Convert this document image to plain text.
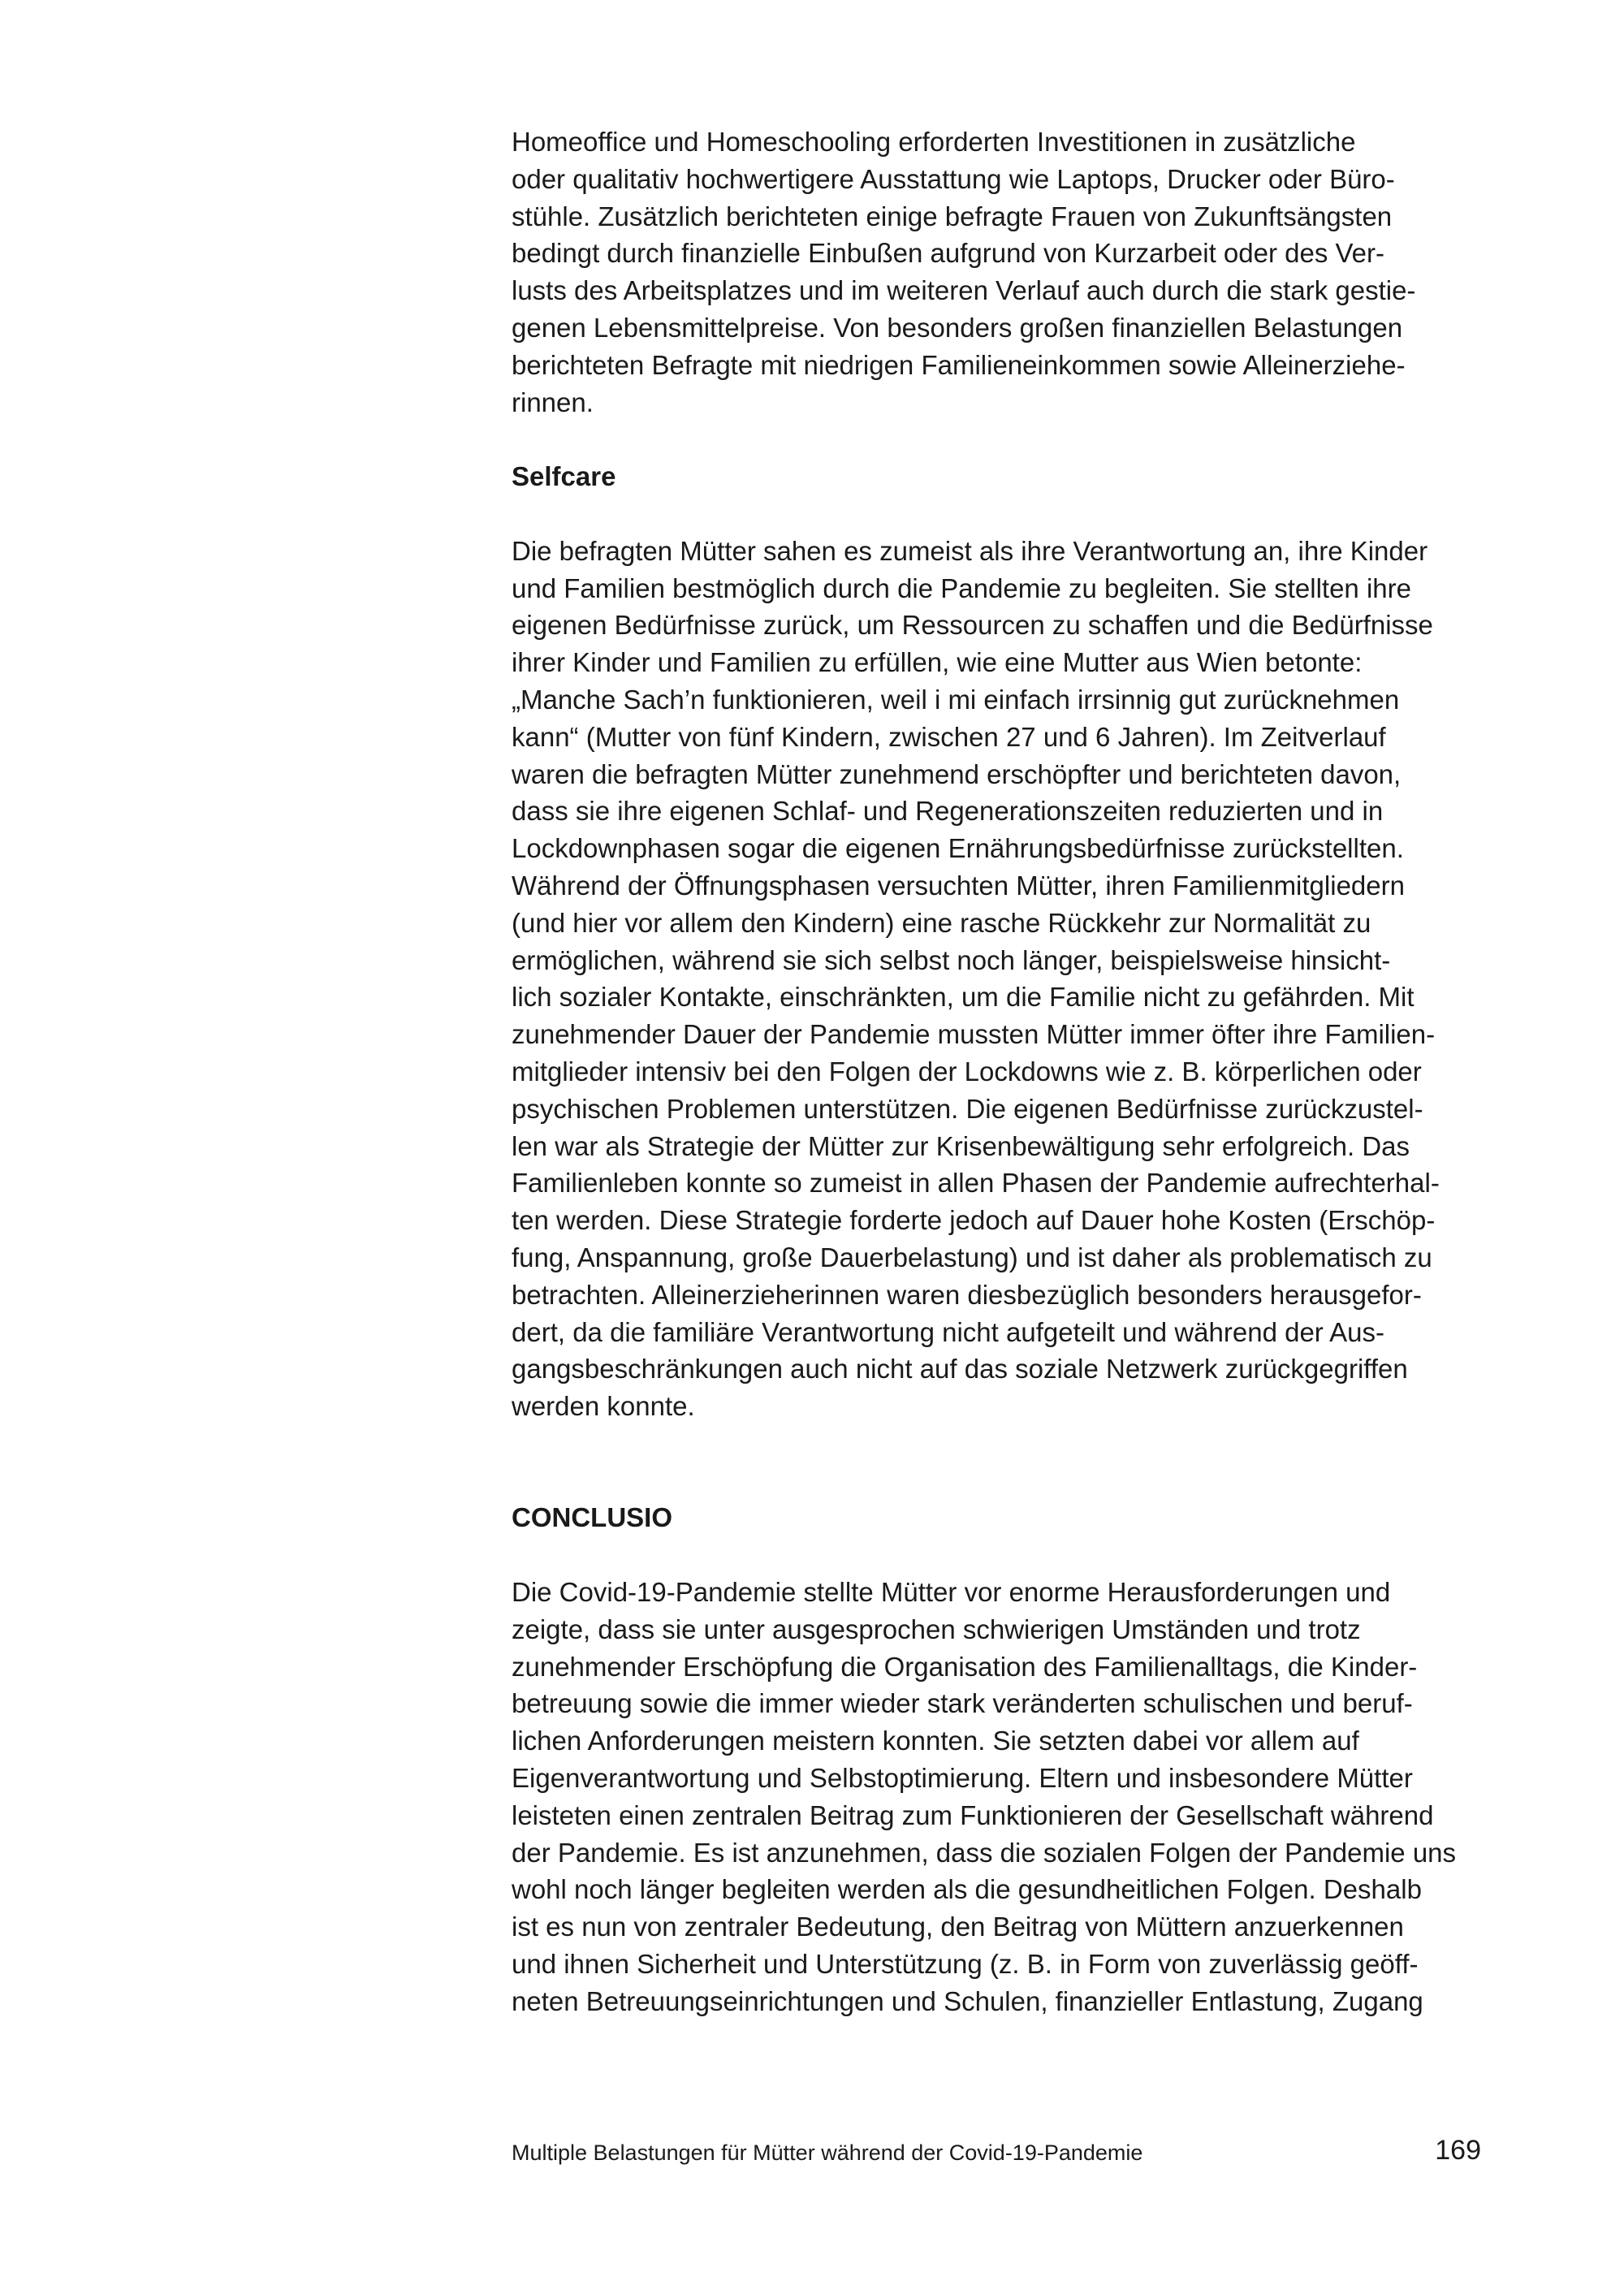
Homeoffice und Homeschooling erforderten Investitionen in zusätzliche
oder qualitativ hochwertigere Ausstattung wie Laptops, Drucker oder Büro-
stühle. Zusätzlich berichteten einige befragte Frauen von Zukunftsängsten
bedingt durch finanzielle Einbußen aufgrund von Kurzarbeit oder des Ver-
lusts des Arbeitsplatzes und im weiteren Verlauf auch durch die stark gestie-
genen Lebensmittelpreise. Von besonders großen finanziellen Belastungen
berichteten Befragte mit niedrigen Familieneinkommen sowie Alleinerziehe-
rinnen.
Selfcare
Die befragten Mütter sahen es zumeist als ihre Verantwortung an, ihre Kinder
und Familien bestmöglich durch die Pandemie zu begleiten. Sie stellten ihre
eigenen Bedürfnisse zurück, um Ressourcen zu schaffen und die Bedürfnisse
ihrer Kinder und Familien zu erfüllen, wie eine Mutter aus Wien betonte:
„Manche Sach’n funktionieren, weil i mi einfach irrsinnig gut zurücknehmen
kann“ (Mutter von fünf Kindern, zwischen 27 und 6 Jahren). Im Zeitverlauf
waren die befragten Mütter zunehmend erschöpfter und berichteten davon,
dass sie ihre eigenen Schlaf- und Regenerationszeiten reduzierten und in
Lockdownphasen sogar die eigenen Ernährungsbedürfnisse zurückstellten.
Während der Öffnungsphasen versuchten Mütter, ihren Familienmitgliedern
(und hier vor allem den Kindern) eine rasche Rückkehr zur Normalität zu
ermöglichen, während sie sich selbst noch länger, beispielsweise hinsicht-
lich sozialer Kontakte, einschränkten, um die Familie nicht zu gefährden. Mit
zunehmender Dauer der Pandemie mussten Mütter immer öfter ihre Familien-
mitglieder intensiv bei den Folgen der Lockdowns wie z. B. körperlichen oder
psychischen Problemen unterstützen. Die eigenen Bedürfnisse zurückzustel-
len war als Strategie der Mütter zur Krisenbewältigung sehr erfolgreich. Das
Familienleben konnte so zumeist in allen Phasen der Pandemie aufrechterhal-
ten werden. Diese Strategie forderte jedoch auf Dauer hohe Kosten (Erschöp-
fung, Anspannung, große Dauerbelastung) und ist daher als problematisch zu
betrachten. Alleinerzieherinnen waren diesbezüglich besonders herausgefor-
dert, da die familiäre Verantwortung nicht aufgeteilt und während der Aus-
gangsbeschränkungen auch nicht auf das soziale Netzwerk zurückgegriffen
werden konnte.
CONCLUSIO
Die Covid-19-Pandemie stellte Mütter vor enorme Herausforderungen und
zeigte, dass sie unter ausgesprochen schwierigen Umständen und trotz
zunehmender Erschöpfung die Organisation des Familienalltags, die Kinder-
betreuung sowie die immer wieder stark veränderten schulischen und beruf-
lichen Anforderungen meistern konnten. Sie setzten dabei vor allem auf
Eigenverantwortung und Selbstoptimierung. Eltern und insbesondere Mütter
leisteten einen zentralen Beitrag zum Funktionieren der Gesellschaft während
der Pandemie. Es ist anzunehmen, dass die sozialen Folgen der Pandemie uns
wohl noch länger begleiten werden als die gesundheitlichen Folgen. Deshalb
ist es nun von zentraler Bedeutung, den Beitrag von Müttern anzuerkennen
und ihnen Sicherheit und Unterstützung (z. B. in Form von zuverlässig geöff-
neten Betreuungseinrichtungen und Schulen, finanzieller Entlastung, Zugang
Multiple Belastungen für Mütter während der Covid-19-Pandemie	169
